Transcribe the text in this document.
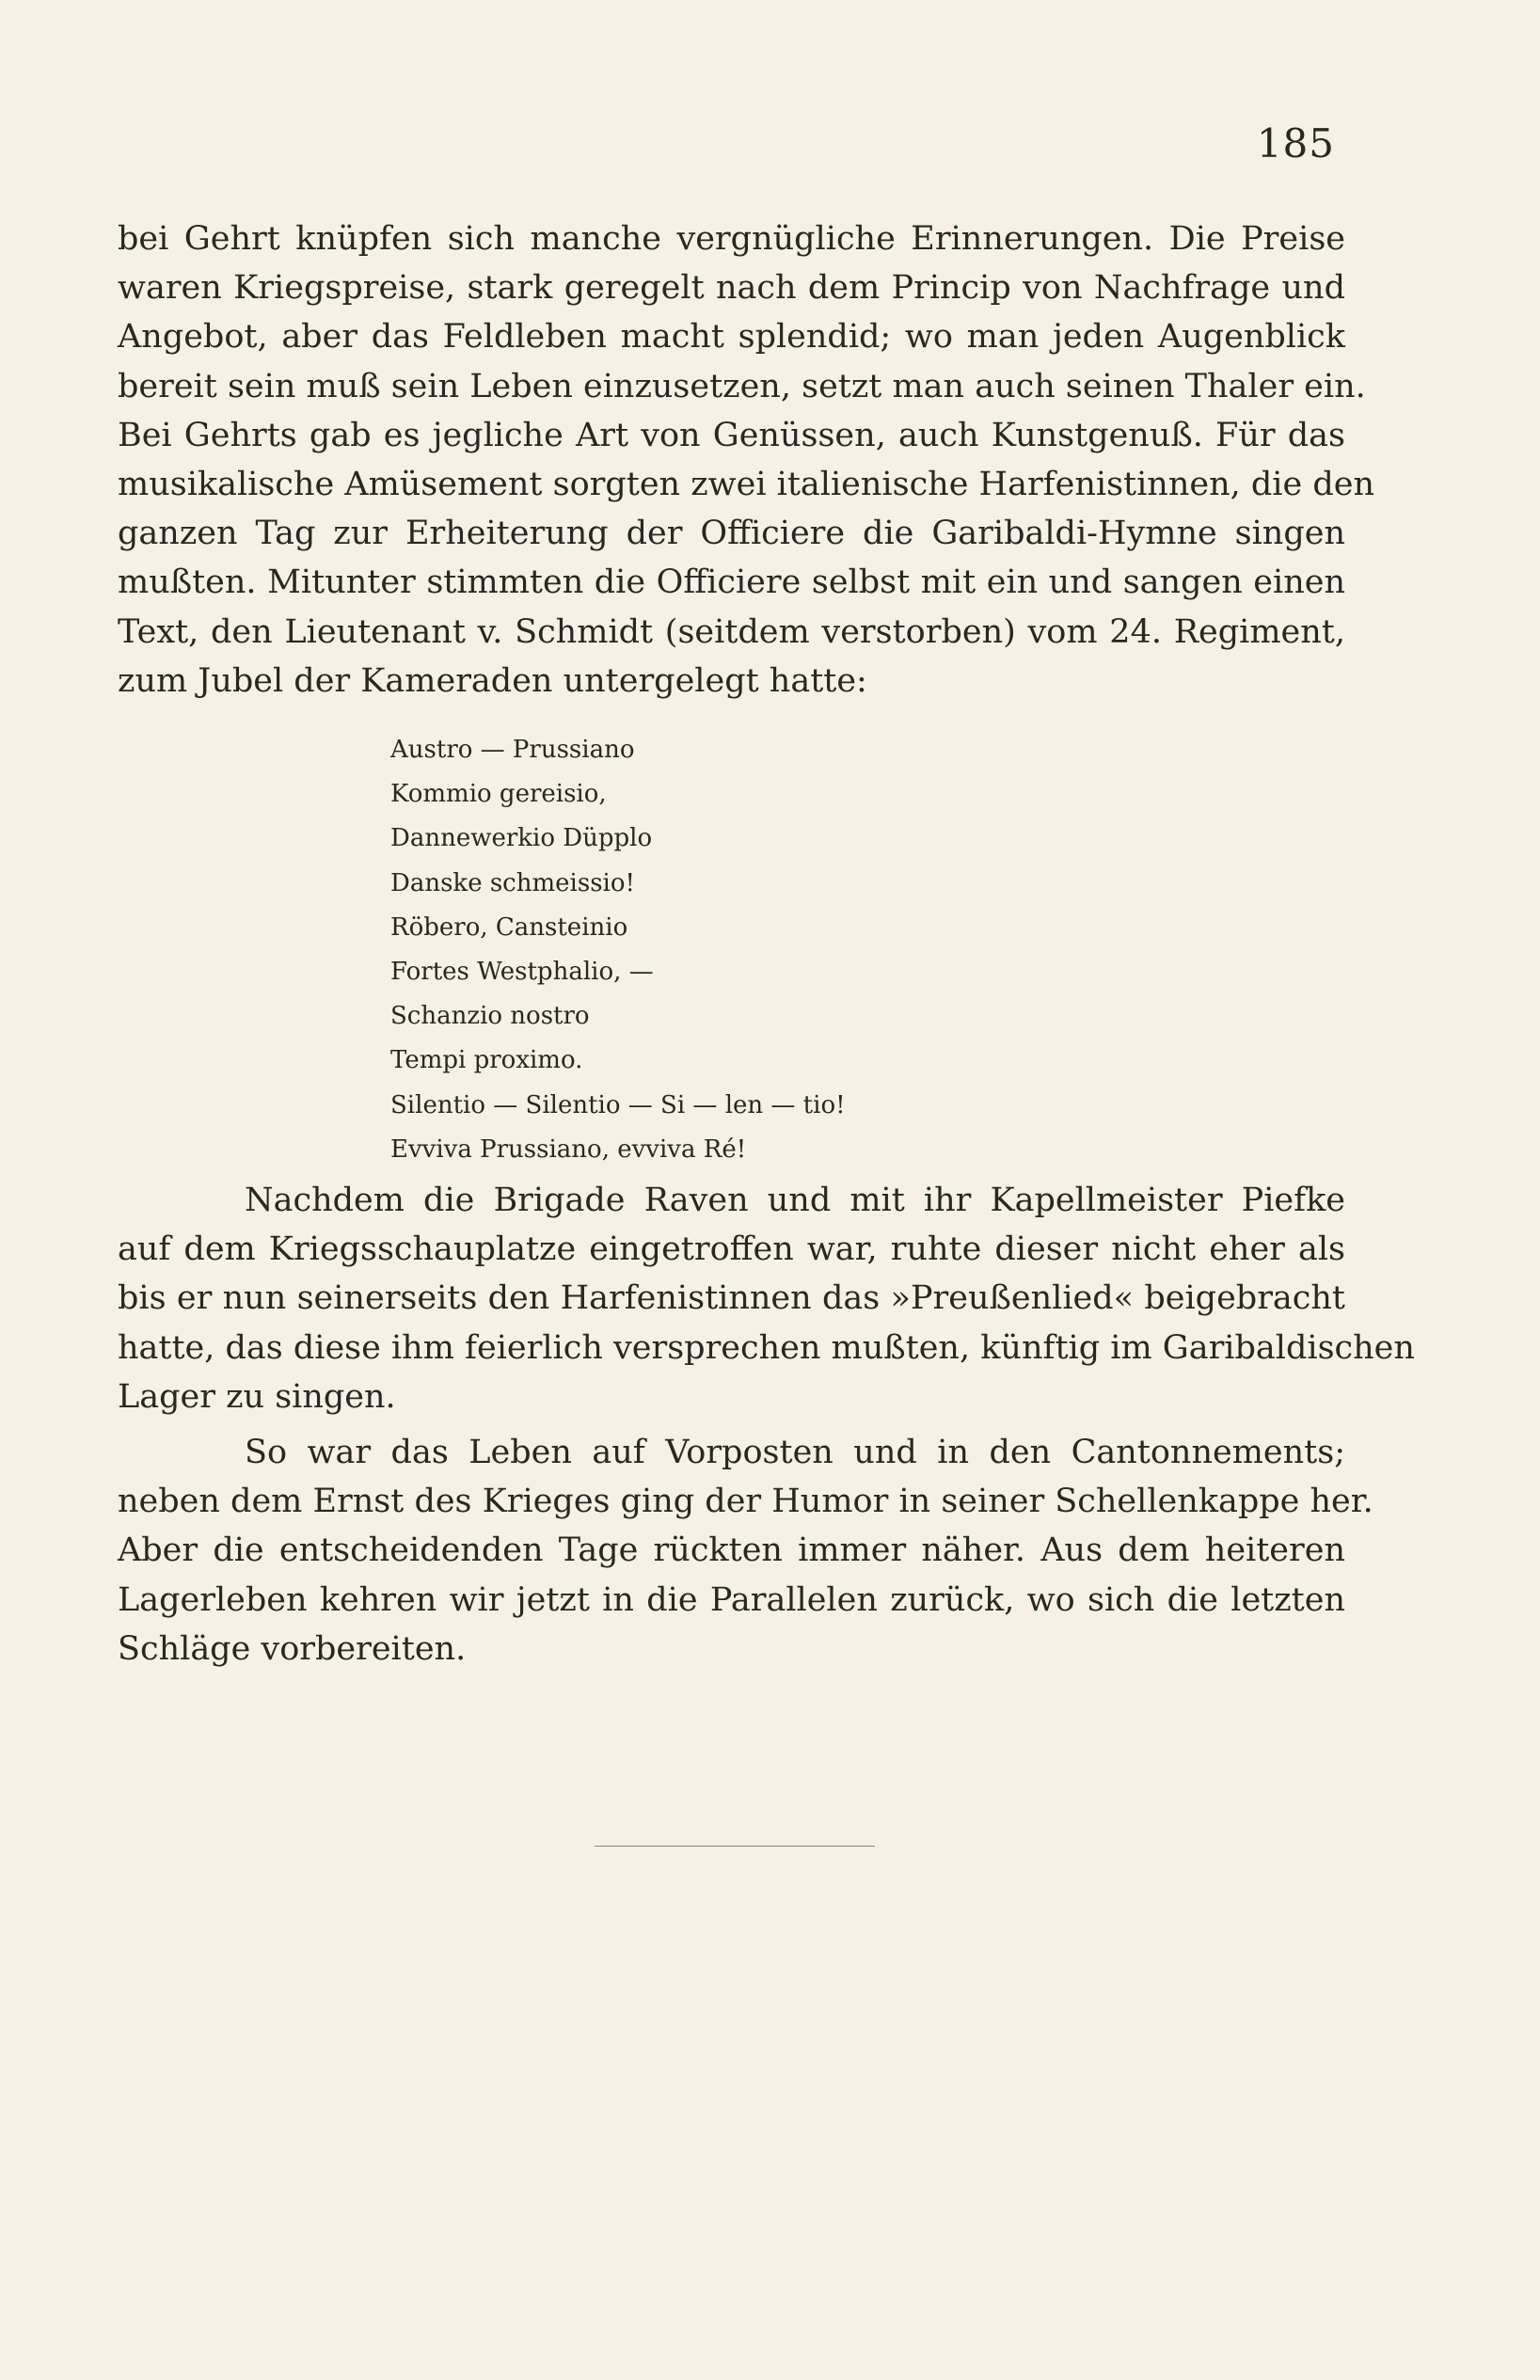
185
bei Gehrt knüpfen sich manche vergnügliche Erinnerungen. Die Preise
waren Kriegspreise, stark geregelt nach dem Princip von Nachfrage und
Angebot, aber das Feldleben macht splendid; wo man jeden Augenblick
bereit sein muß sein Leben einzusetzen, setzt man auch seinen Thaler ein.
Bei Gehrts gab es jegliche Art von Genüssen, auch Kunstgenuß. Für das
musikalische Amüsement sorgten zwei italienische Harfenistinnen, die den
ganzen Tag zur Erheiterung der Officiere die Garibaldi-Hymne singen
mußten. Mitunter stimmten die Officiere selbst mit ein und sangen einen
Text, den Lieutenant v. Schmidt (seitdem verstorben) vom 24. Regiment,
zum Jubel der Kameraden untergelegt hatte:
Austro — Prussiano
Kommio gereisio,
Dannewerkio Düpplo
Danske schmeissio!
Röbero, Cansteinio
Fortes Westphalio, —
Schanzio nostro
Tempi proximo.
Silentio — Silentio — Si — len — tio!
Evviva Prussiano, evviva Ré!
Nachdem die Brigade Raven und mit ihr Kapellmeister Piefke
auf dem Kriegsschauplatze eingetroffen war, ruhte dieser nicht eher als
bis er nun seinerseits den Harfenistinnen das »Preußenlied« beigebracht
hatte, das diese ihm feierlich versprechen mußten, künftig im Garibaldischen
Lager zu singen.
So war das Leben auf Vorposten und in den Cantonnements;
neben dem Ernst des Krieges ging der Humor in seiner Schellenkappe her.
Aber die entscheidenden Tage rückten immer näher. Aus dem heiteren
Lagerleben kehren wir jetzt in die Parallelen zurück, wo sich die letzten
Schläge vorbereiten.
